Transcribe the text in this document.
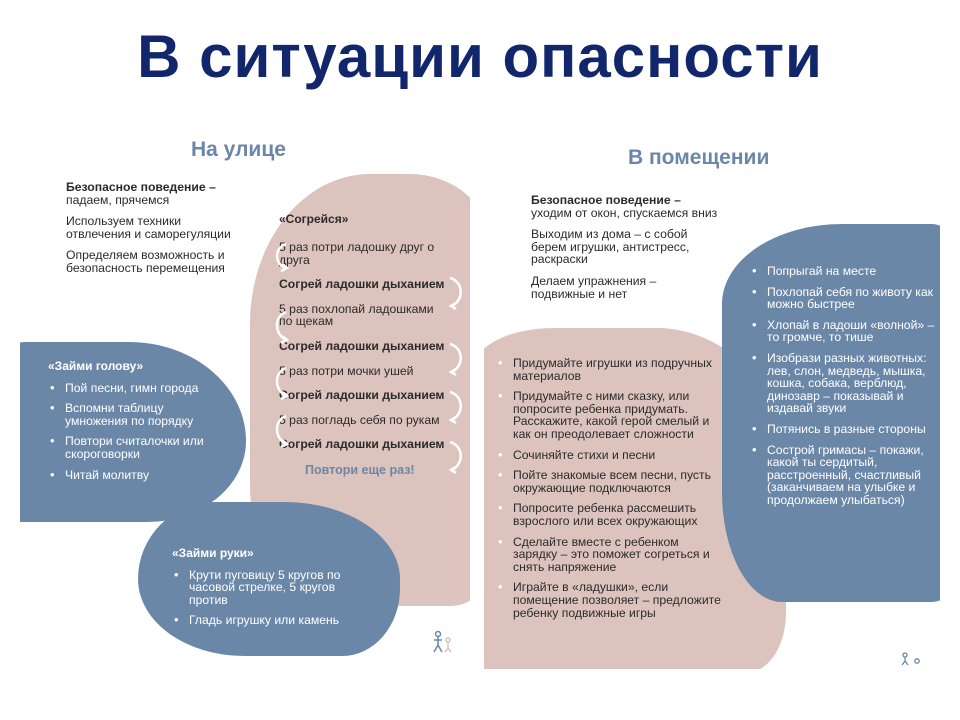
В ситуации опасности
На улице
Безопасное поведение –
падаем, прячемся
Используем техники отвлечения и саморегуляции
Определяем возможность и безопасность перемещения
«Займи голову»
• Пой песни, гимн города
• Вспомни таблицу умножения по порядку
• Повтори считалочки или скороговорки
• Читай молитву
«Согрейся»
5 раз потри ладошку друг о друга
Согрей ладошки дыханием
5 раз похлопай ладошками по щекам
Согрей ладошки дыханием
5 раз потри мочки ушей
Согрей ладошки дыханием
5 раз погладь себя по рукам
Согрей ладошки дыханием
Повтори еще раз!
«Займи руки»
• Крути пуговицу 5 кругов по часовой стрелке, 5 кругов против
• Гладь игрушку или камень
В помещении
Безопасное поведение –
уходим от окон, спускаемся вниз
Выходим из дома – с собой берем игрушки, антистресс, раскраски
Делаем упражнения – подвижные и нет
• Придумайте игрушки из подручных материалов
• Придумайте с ними сказку, или попросите ребенка придумать. Расскажите, какой герой смелый и как он преодолевает сложности
• Сочиняйте стихи и песни
• Пойте знакомые всем песни, пусть окружающие подключаются
• Попросите ребенка рассмешить взрослого или всех окружающих
• Сделайте вместе с ребенком зарядку – это поможет согреться и снять напряжение
• Играйте в «ладушки», если помещение позволяет – предложите ребенку подвижные игры
• Попрыгай на месте
• Похлопай себя по животу как можно быстрее
• Хлопай в ладоши «волной» – то громче, то тише
• Изобрази разных животных: лев, слон, медведь, мышка, кошка, собака, верблюд, динозавр – показывай и издавай звуки
• Потянись в разные стороны
• Сострой гримасы – покажи, какой ты сердитый, расстроенный, счастливый (заканчиваем на улыбке и продолжаем улыбаться)
